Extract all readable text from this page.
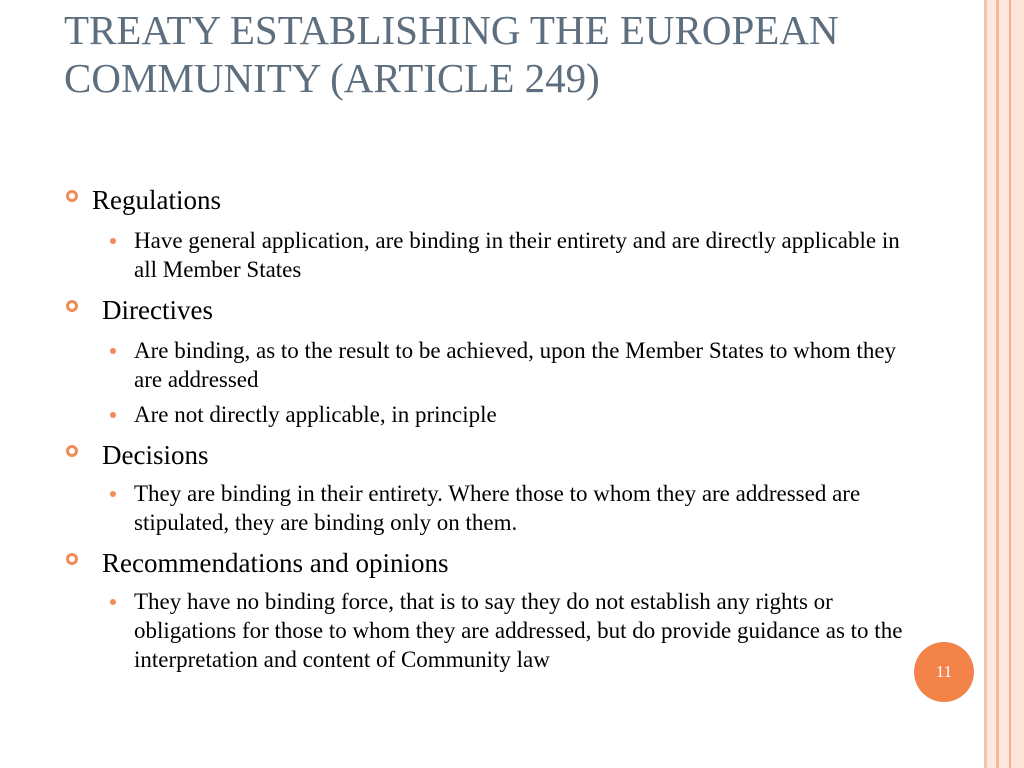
TREATY ESTABLISHING THE EUROPEAN COMMUNITY (ARTICLE 249)

Regulations

Have general application, are binding in their entirety and are directly applicable in all Member States

Directives

Are binding, as to the result to be achieved, upon the Member States to whom they are addressed

Are not directly applicable, in principle

Decisions

They are binding in their entirety. Where those to whom they are addressed are stipulated, they are binding only on them.

Recommendations and opinions

They have no binding force, that is to say they do not establish any rights or obligations for those to whom they are addressed, but do provide guidance as to the interpretation and content of Community law	11
